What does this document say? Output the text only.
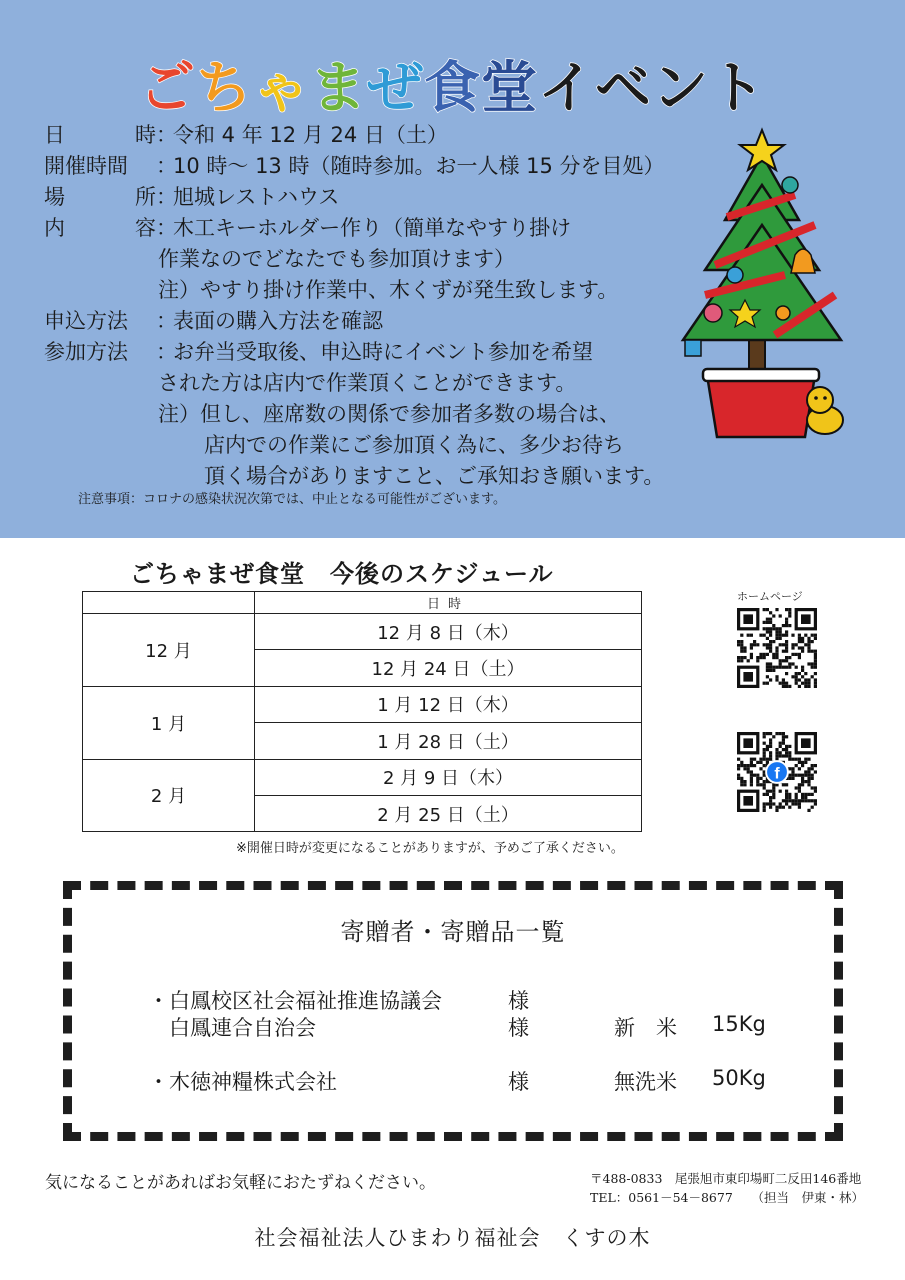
ごちゃまぜ食堂イベント
日	時 ：
令和 4 年 12 月 24 日（土）
開催時間	：
10 時～ 13 時（随時参加。お一人様 15 分を目処）
場	所 ：
旭城レストハウス
内	容 ：
木工キーホルダー作り（簡単なやすり掛け
作業なのでどなたでも参加頂けます）
注）やすり掛け作業中、木くずが発生致します。
申込方法	：
表面の購入方法を確認
参加方法	：
お弁当受取後、申込時にイベント参加を希望
された方は店内で作業頂くことができます。
注）但し、座席数の関係で参加者多数の場合は、
店内での作業にご参加頂く為に、多少お待ち
頂く場合がありますこと、ご承知おき願います。
注意事項：コロナの感染状況次第では、中止となる可能性がございます。
ごちゃまぜ食堂　今後のスケジュール
	日時
12 月	12 月 8 日（木）
	12 月 24 日（土）
1 月	1 月 12 日（木）
	1 月 28 日（土）
2 月	2 月 9 日（木）
	2 月 25 日（土）
※開催日時が変更になることがありますが、予めご了承ください。
ホームページ
f
寄贈者・寄贈品一覧
・白鳳校区社会福祉推進協議会	様
白鳳連合自治会	様	新　米 15Kg
・木徳神糧株式会社	様	無洗米 50Kg
気になることがあればお気軽におたずねください。	〒488-0833　尾張旭市東印場町二反田146番地
TEL：0561－54－8677　　（担当　伊東・林）
社会福祉法人ひまわり福祉会　くすの木
